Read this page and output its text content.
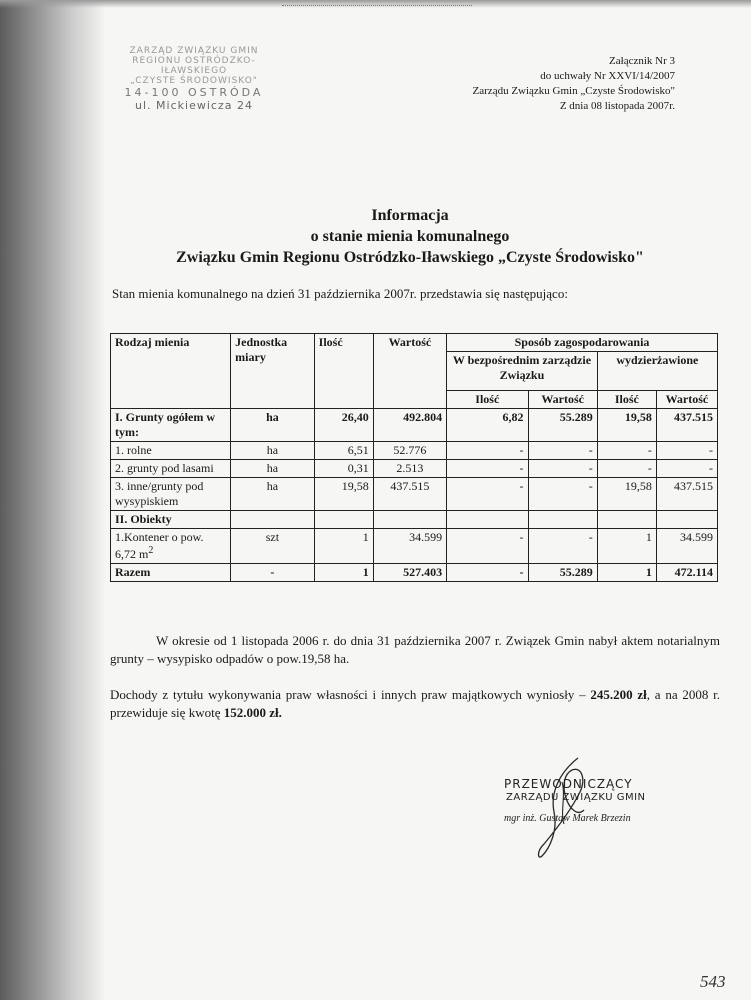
ZARZĄD ZWIĄZKU GMIN
REGIONU OSTRÓDZKO-IŁAWSKIEGO
„CZYSTE ŚRODOWISKO"
14-100 OSTRÓDA
ul. Mickiewicza 24
Załącznik Nr 3
do uchwały Nr XXVI/14/2007
Zarządu Związku Gmin „Czyste Środowisko"
Z dnia 08 listopada 2007r.
Informacja
o stanie mienia komunalnego
Związku Gmin Regionu Ostródzko-Iławskiego „Czyste Środowisko"
Stan mienia komunalnego na dzień 31 października 2007r. przedstawia się następująco:
Rodzaj mienia	Jednostka miary	Ilość	Wartość	Sposób zagospodarowania			
				W bezpośrednim zarządzie Związku		wydzierżawione	
				Ilość	Wartość	Ilość	Wartość
I. Grunty ogółem w tym:	ha	26,40	492.804	6,82	55.289	19,58	437.515
1. rolne	ha	6,51	52.776	-	-	-	-
2. grunty pod lasami	ha	0,31	2.513	-	-	-	-
3. inne/grunty pod wysypiskiem	ha	19,58	437.515	-	-	19,58	437.515
II. Obiekty							
1.Kontener o pow. 6,72 $m^2$	szt	1	34.599	-	-	1	34.599
Razem	-	1	527.403	-	55.289	1	472.114
W okresie od 1 listopada 2006 r. do dnia 31 października 2007 r. Związek Gmin nabył aktem notarialnym grunty – wysypisko odpadów o pow.19,58 ha.
Dochody z tytułu wykonywania praw własności i innych praw majątkowych wyniosły – 245.200 zł, a na 2008 r. przewiduje się kwotę 152.000 zł.
PRZEWODNICZĄCY
ZARZĄDU ZWIĄZKU GMIN
mgr inż. Gustaw Marek Brzezin
543
